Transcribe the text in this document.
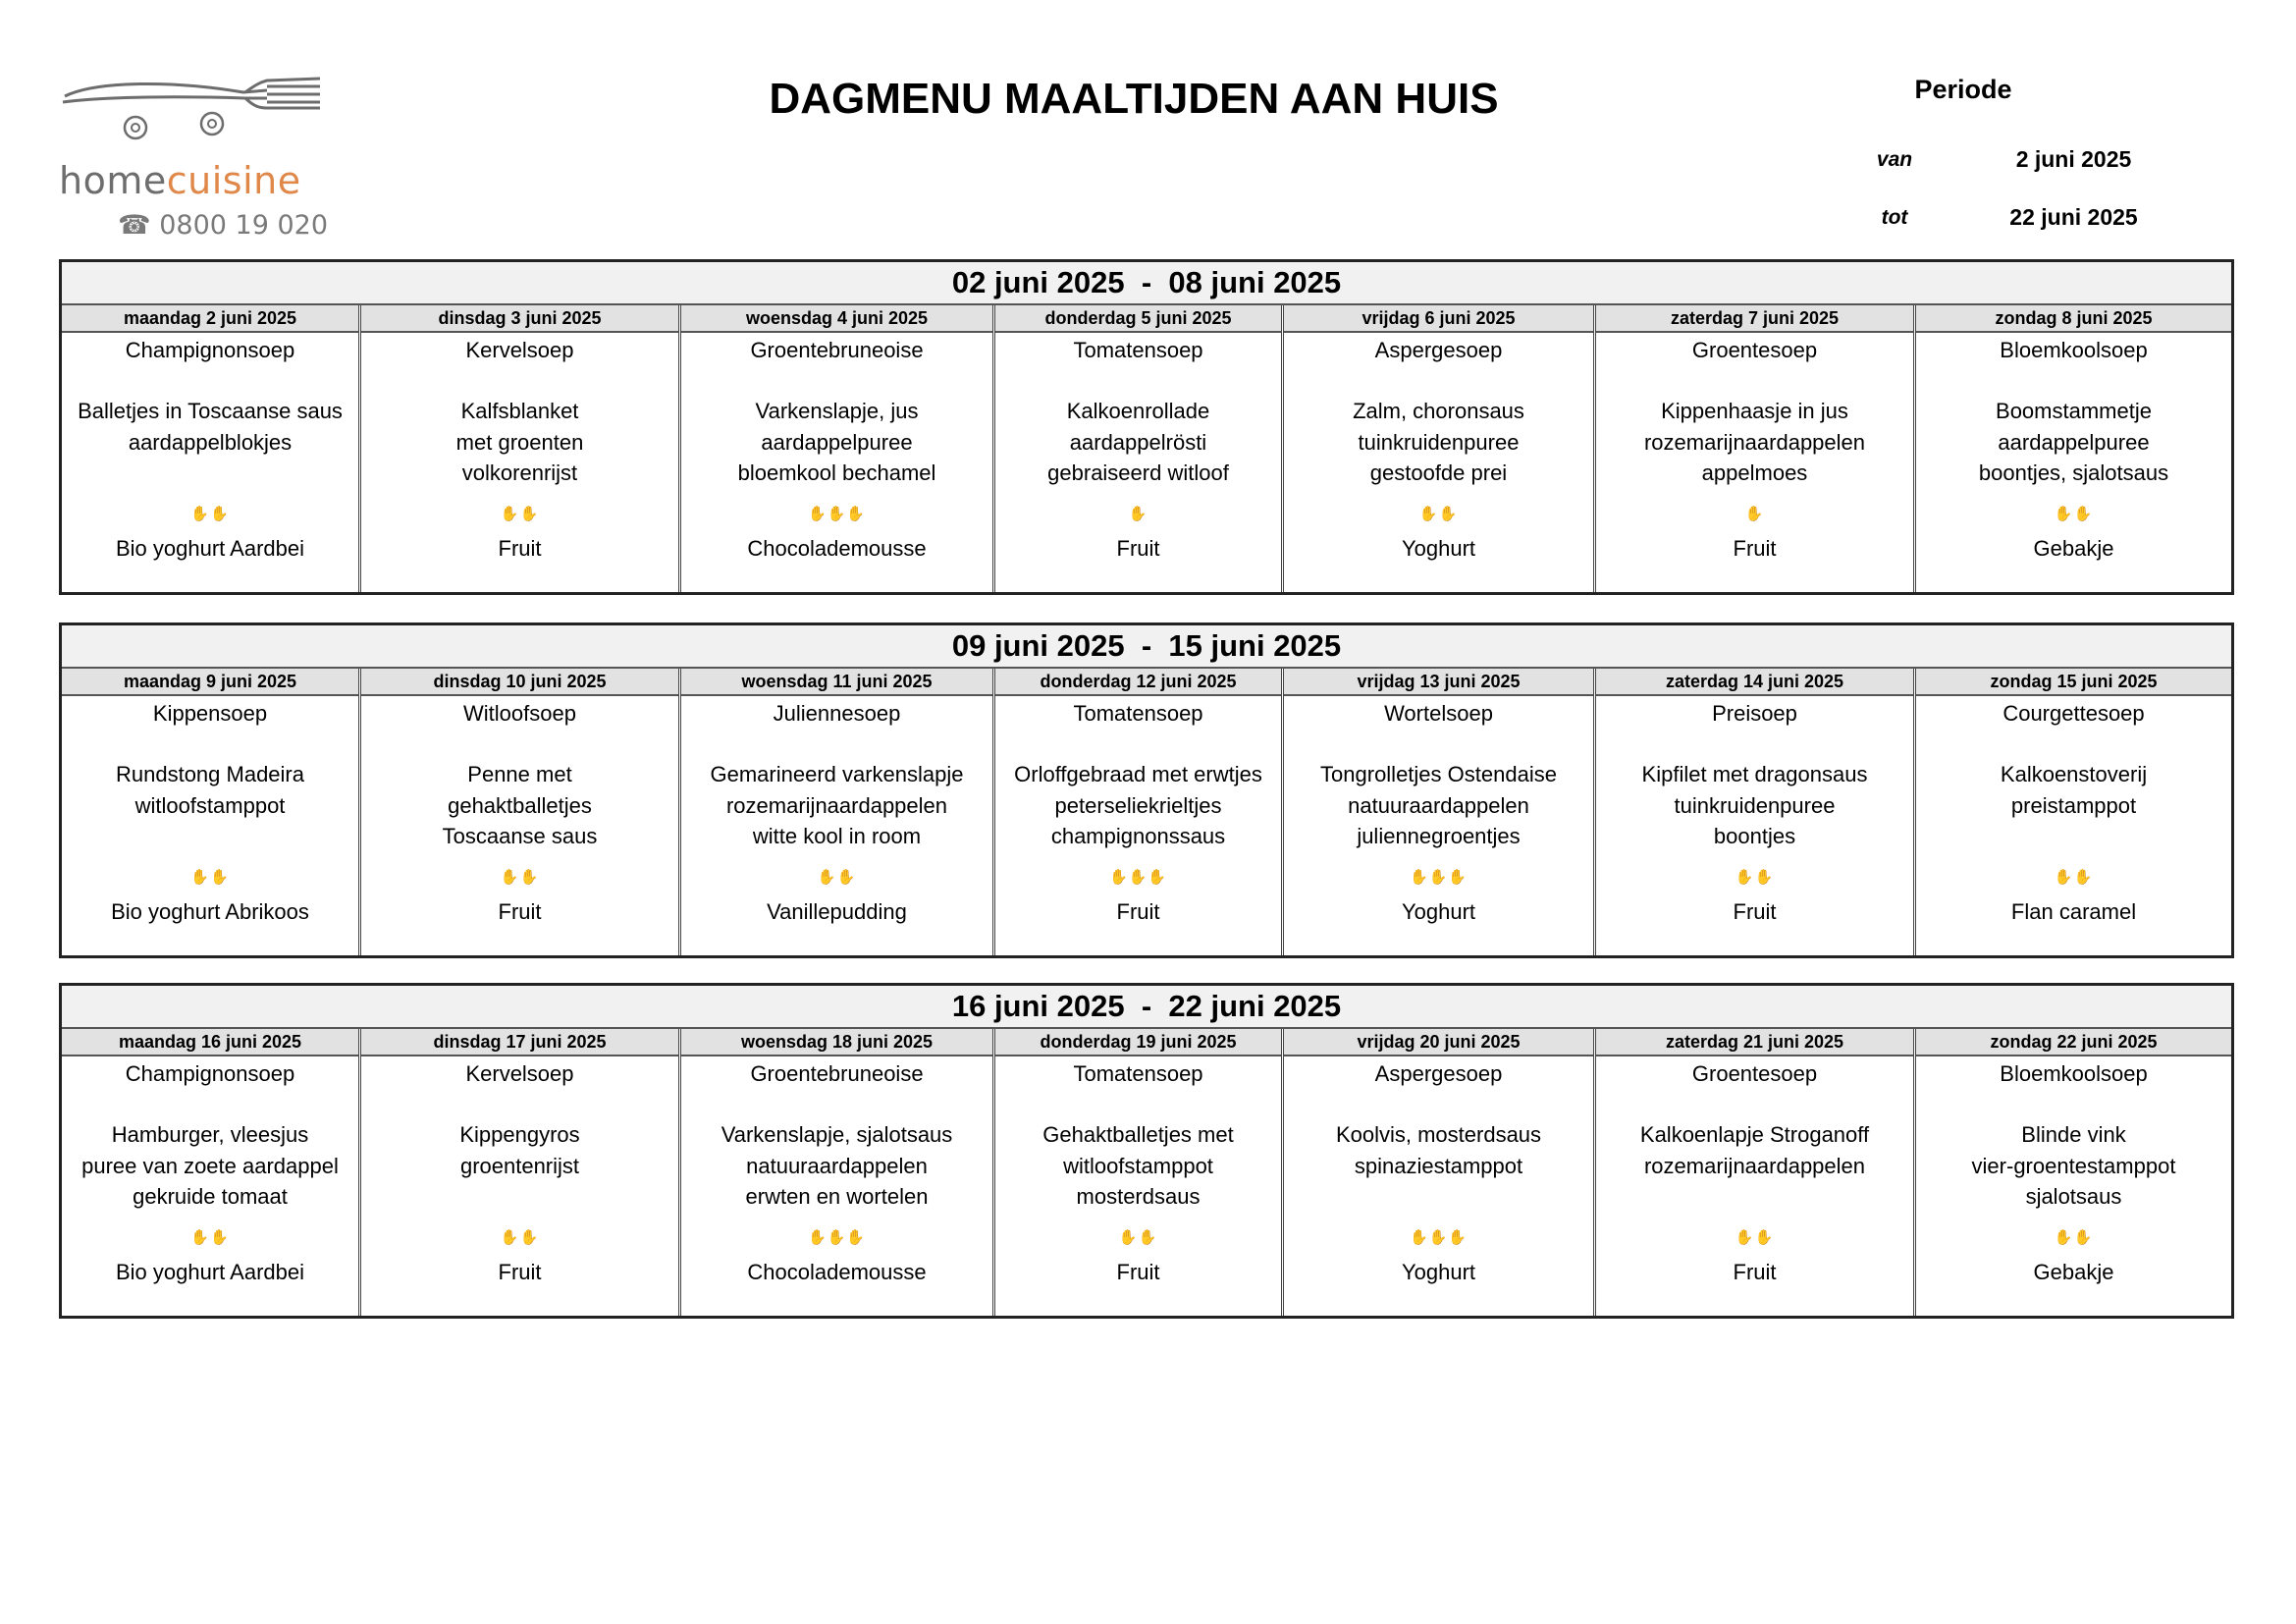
homecuisine
☎ 0800 19 020
DAGMENU MAALTIJDEN AAN HUIS	Periode
van	2 juni 2025
tot	22 juni 2025
02 juni 2025  -  08 juni 2025
maandag 2 juni 2025
Champignonsoep
Balletjes in Toscaanse saus
aardappelblokjes
✋✋
Bio yoghurt Aardbei
dinsdag 3 juni 2025
Kervelsoep
Kalfsblanket
met groenten
volkorenrijst
✋✋
Fruit
woensdag 4 juni 2025
Groentebruneoise
Varkenslapje, jus
aardappelpuree
bloemkool bechamel
✋✋✋
Chocolademousse
donderdag 5 juni 2025
Tomatensoep
Kalkoenrollade
aardappelrösti
gebraiseerd witloof
✋
Fruit
vrijdag 6 juni 2025
Aspergesoep
Zalm, choronsaus
tuinkruidenpuree
gestoofde prei
✋✋
Yoghurt
zaterdag 7 juni 2025
Groentesoep
Kippenhaasje in jus
rozemarijnaardappelen
appelmoes
✋
Fruit
zondag 8 juni 2025
Bloemkoolsoep
Boomstammetje
aardappelpuree
boontjes, sjalotsaus
✋✋
Gebakje
09 juni 2025  -  15 juni 2025
maandag 9 juni 2025
Kippensoep
Rundstong Madeira
witloofstamppot
✋✋
Bio yoghurt Abrikoos
dinsdag 10 juni 2025
Witloofsoep
Penne met
gehaktballetjes
Toscaanse saus
✋✋
Fruit
woensdag 11 juni 2025
Juliennesoep
Gemarineerd varkenslapje
rozemarijnaardappelen
witte kool in room
✋✋
Vanillepudding
donderdag 12 juni 2025
Tomatensoep
Orloffgebraad met erwtjes
peterseliekrieltjes
champignonssaus
✋✋✋
Fruit
vrijdag 13 juni 2025
Wortelsoep
Tongrolletjes Ostendaise
natuuraardappelen
juliennegroentjes
✋✋✋
Yoghurt
zaterdag 14 juni 2025
Preisoep
Kipfilet met dragonsaus
tuinkruidenpuree
boontjes
✋✋
Fruit
zondag 15 juni 2025
Courgettesoep
Kalkoenstoverij
preistamppot
✋✋
Flan caramel
16 juni 2025  -  22 juni 2025
maandag 16 juni 2025
Champignonsoep
Hamburger, vleesjus
puree van zoete aardappel
gekruide tomaat
✋✋
Bio yoghurt Aardbei
dinsdag 17 juni 2025
Kervelsoep
Kippengyros
groentenrijst
✋✋
Fruit
woensdag 18 juni 2025
Groentebruneoise
Varkenslapje, sjalotsaus
natuuraardappelen
erwten en wortelen
✋✋✋
Chocolademousse
donderdag 19 juni 2025
Tomatensoep
Gehaktballetjes met
witloofstamppot
mosterdsaus
✋✋
Fruit
vrijdag 20 juni 2025
Aspergesoep
Koolvis, mosterdsaus
spinaziestamppot
✋✋✋
Yoghurt
zaterdag 21 juni 2025
Groentesoep
Kalkoenlapje Stroganoff
rozemarijnaardappelen
✋✋
Fruit
zondag 22 juni 2025
Bloemkoolsoep
Blinde vink
vier-groentestamppot
sjalotsaus
✋✋
Gebakje
